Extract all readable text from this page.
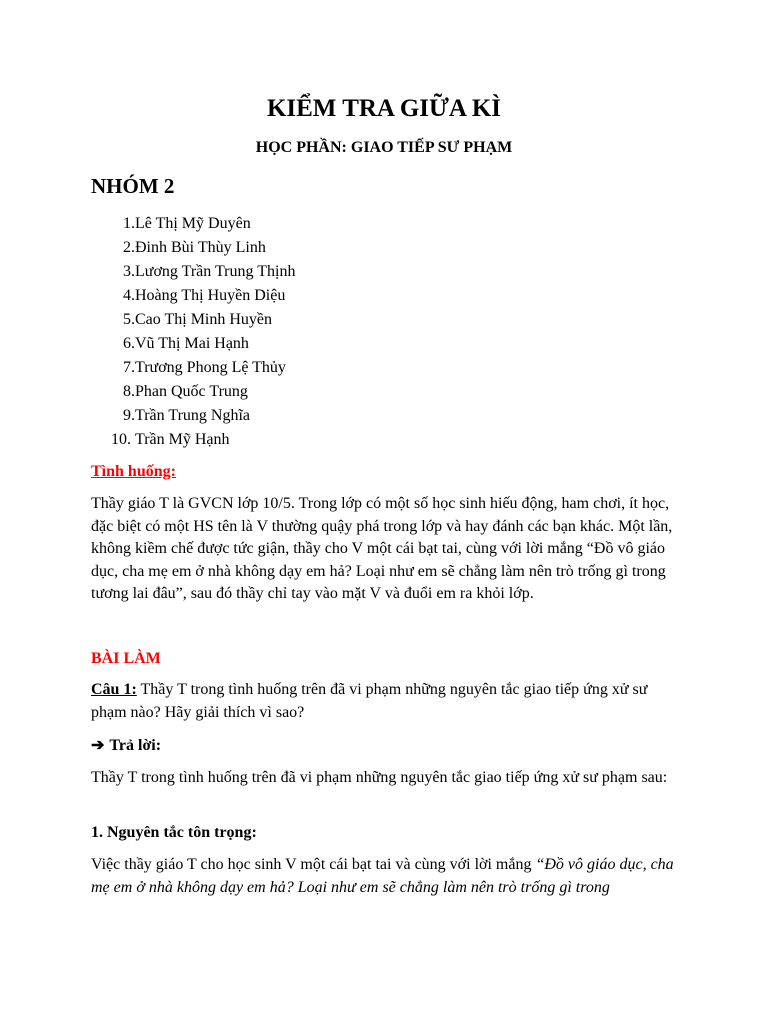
KIỂM TRA GIỮA KÌ
HỌC PHẦN: GIAO TIẾP SƯ PHẠM
NHÓM 2
1.Lê Thị Mỹ Duyên
2.Đinh Bùi Thùy Linh
3.Lương Trần Trung Thịnh
4.Hoàng Thị Huyền Diệu
5.Cao Thị Minh Huyền
6.Vũ Thị Mai Hạnh
7.Trương Phong Lệ Thủy
8.Phan Quốc Trung
9.Trần Trung Nghĩa
10. Trần Mỹ Hạnh
Tình huống:
Thầy giáo T là GVCN lớp 10/5. Trong lớp có một số học sinh hiếu động, ham chơi, ít học, đặc biệt có một HS tên là V thường quậy phá trong lớp và hay đánh các bạn khác. Một lần, không kiềm chế được tức giận, thầy cho V một cái bạt tai, cùng với lời mắng “Đồ vô giáo dục, cha mẹ em ở nhà không dạy em hả? Loại như em sẽ chẳng làm nên trò trống gì trong tương lai đâu”, sau đó thầy chỉ tay vào mặt V và đuổi em ra khỏi lớp.
BÀI LÀM
Câu 1: Thầy T trong tình huống trên đã vi phạm những nguyên tắc giao tiếp ứng xử sư phạm nào? Hãy giải thích vì sao?
➔ Trả lời:
Thầy T trong tình huống trên đã vi phạm những nguyên tắc giao tiếp ứng xử sư phạm sau:
1. Nguyên tắc tôn trọng:
Việc thầy giáo T cho học sinh V một cái bạt tai và cùng với lời mắng “Đồ vô giáo dục, cha mẹ em ở nhà không dạy em hả? Loại như em sẽ chẳng làm nên trò trống gì trong
